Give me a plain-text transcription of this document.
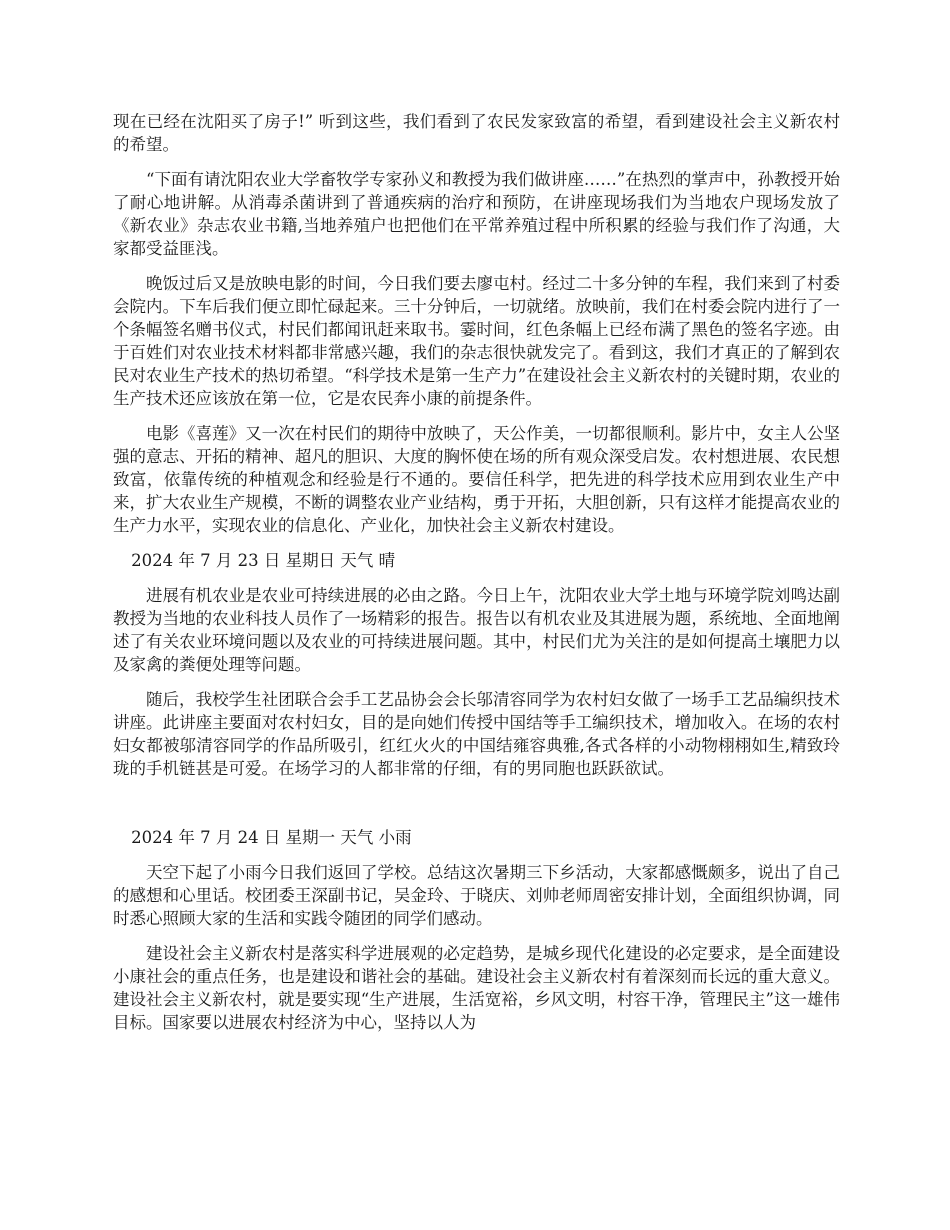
现在已经在沈阳买了房子!” 听到这些，我们看到了农民发家致富的希望，看到建设社会主义新农村的希望。

“下面有请沈阳农业大学畜牧学专家孙义和教授为我们做讲座……”在热烈的掌声中，孙教授开始了耐心地讲解。从消毒杀菌讲到了普通疾病的治疗和预防，在讲座现场我们为当地农户现场发放了《新农业》杂志农业书籍,当地养殖户也把他们在平常养殖过程中所积累的经验与我们作了沟通，大家都受益匪浅。

晚饭过后又是放映电影的时间，今日我们要去廖屯村。经过二十多分钟的车程，我们来到了村委会院内。下车后我们便立即忙碌起来。三十分钟后，一切就绪。放映前，我们在村委会院内进行了一个条幅签名赠书仪式，村民们都闻讯赶来取书。霎时间，红色条幅上已经布满了黑色的签名字迹。由于百姓们对农业技术材料都非常感兴趣，我们的杂志很快就发完了。看到这，我们才真正的了解到农民对农业生产技术的热切希望。“科学技术是第一生产力”在建设社会主义新农村的关键时期，农业的生产技术还应该放在第一位，它是农民奔小康的前提条件。

电影《喜莲》又一次在村民们的期待中放映了，天公作美，一切都很顺利。影片中，女主人公坚强的意志、开拓的精神、超凡的胆识、大度的胸怀使在场的所有观众深受启发。农村想进展、农民想致富，依靠传统的种植观念和经验是行不通的。要信任科学，把先进的科学技术应用到农业生产中来，扩大农业生产规模，不断的调整农业产业结构，勇于开拓，大胆创新，只有这样才能提高农业的生产力水平，实现农业的信息化、产业化，加快社会主义新农村建设。

2024 年 7 月 23 日 星期日 天气 晴

进展有机农业是农业可持续进展的必由之路。今日上午，沈阳农业大学土地与环境学院刘鸣达副教授为当地的农业科技人员作了一场精彩的报告。报告以有机农业及其进展为题，系统地、全面地阐述了有关农业环境问题以及农业的可持续进展问题。其中，村民们尤为关注的是如何提高土壤肥力以及家禽的粪便处理等问题。

随后，我校学生社团联合会手工艺品协会会长邬清容同学为农村妇女做了一场手工艺品编织技术讲座。此讲座主要面对农村妇女，目的是向她们传授中国结等手工编织技术，增加收入。在场的农村妇女都被邬清容同学的作品所吸引，红红火火的中国结雍容典雅,各式各样的小动物栩栩如生,精致玲珑的手机链甚是可爱。在场学习的人都非常的仔细，有的男同胞也跃跃欲试。

2024 年 7 月 24 日 星期一 天气 小雨

天空下起了小雨今日我们返回了学校。总结这次暑期三下乡活动，大家都感慨颇多，说出了自己的感想和心里话。校团委王深副书记，吴金玲、于晓庆、刘帅老师周密安排计划，全面组织协调，同时悉心照顾大家的生活和实践令随团的同学们感动。

建设社会主义新农村是落实科学进展观的必定趋势，是城乡现代化建设的必定要求，是全面建设小康社会的重点任务，也是建设和谐社会的基础。建设社会主义新农村有着深刻而长远的重大意义。建设社会主义新农村，就是要实现“生产进展，生活宽裕，乡风文明，村容干净，管理民主”这一雄伟目标。国家要以进展农村经济为中心，坚持以人为
